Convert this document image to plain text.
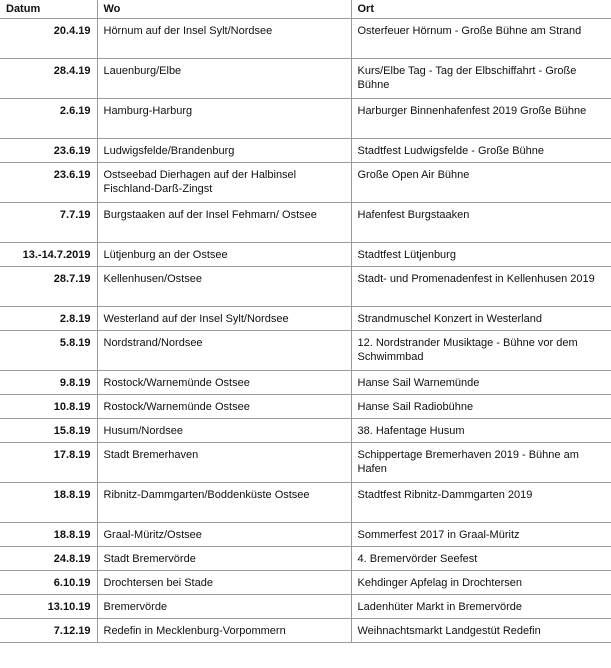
Datum	Wo	Ort
20.4.19	Hörnum auf der Insel Sylt/Nordsee	Osterfeuer Hörnum - Große Bühne am Strand
28.4.19	Lauenburg/Elbe	Kurs/Elbe Tag - Tag der Elbschiffahrt - Große Bühne
2.6.19	Hamburg-Harburg	Harburger Binnenhafenfest 2019 Große Bühne
23.6.19	Ludwigsfelde/Brandenburg	Stadtfest Ludwigsfelde - Große Bühne
23.6.19	Ostseebad Dierhagen auf der Halbinsel Fischland-Darß-Zingst	Große Open Air Bühne
7.7.19	Burgstaaken auf der Insel Fehmarn/ Ostsee	Hafenfest Burgstaaken
13.-14.7.2019	Lütjenburg an der Ostsee	Stadtfest Lütjenburg
28.7.19	Kellenhusen/Ostsee	Stadt- und Promenadenfest in Kellenhusen 2019
2.8.19	Westerland auf der Insel Sylt/Nordsee	Strandmuschel Konzert in Westerland
5.8.19	Nordstrand/Nordsee	12. Nordstrander Musiktage - Bühne vor dem Schwimmbad
9.8.19	Rostock/Warnemünde Ostsee	Hanse Sail Warnemünde
10.8.19	Rostock/Warnemünde Ostsee	Hanse Sail Radiobühne
15.8.19	Husum/Nordsee	38. Hafentage Husum
17.8.19	Stadt Bremerhaven	Schippertage Bremerhaven 2019 - Bühne am Hafen
18.8.19	Ribnitz-Dammgarten/Boddenküste Ostsee	Stadtfest Ribnitz-Dammgarten 2019
18.8.19	Graal-Müritz/Ostsee	Sommerfest 2017 in Graal-Müritz
24.8.19	Stadt Bremervörde	4. Bremervörder Seefest
6.10.19	Drochtersen bei Stade	Kehdinger Apfelag in Drochtersen
13.10.19	Bremervörde	Ladenhüter Markt in Bremervörde
7.12.19	Redefin in Mecklenburg-Vorpommern	Weihnachtsmarkt Landgestüt Redefin
